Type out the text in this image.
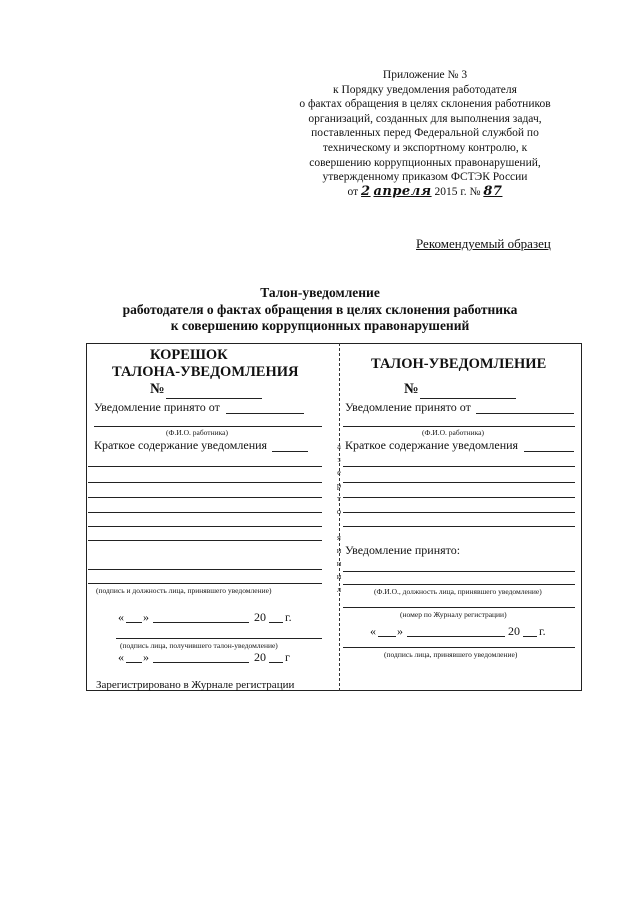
Приложение № 3
к Порядку уведомления работодателя
о фактах обращения в целях склонения работников
организаций, созданных для выполнения задач,
поставленных перед Федеральной службой по
техническому и экспортному контролю, к
совершению коррупционных правонарушений,
утвержденному приказом ФСТЭК России
от 2 апреля 2015 г. № 87
Рекомендуемый образец
Талон-уведомление
работодателя о фактах обращения в целях склонения работника
к совершению коррупционных правонарушений
а
з
е
р
т
о
я
и
н
и
л
КОРЕШОК
ТАЛОНА-УВЕДОМЛЕНИЯ
№
Уведомление принято от
(Ф.И.О. работника)
Краткое содержание уведомления
(подпись и должность лица, принявшего уведомление)
« »	20 г.
(подпись лица, получившего талон-уведомление)
« »	20 г
Зарегистрировано в Журнале регистрации
ТАЛОН-УВЕДОМЛЕНИЕ
№
Уведомление принято от
(Ф.И.О. работника)
Краткое содержание уведомления
Уведомление принято:
(Ф.И.О., должность лица, принявшего уведомление)
(номер по Журналу регистрации)
« »	20 г.
(подпись лица, принявшего уведомление)
